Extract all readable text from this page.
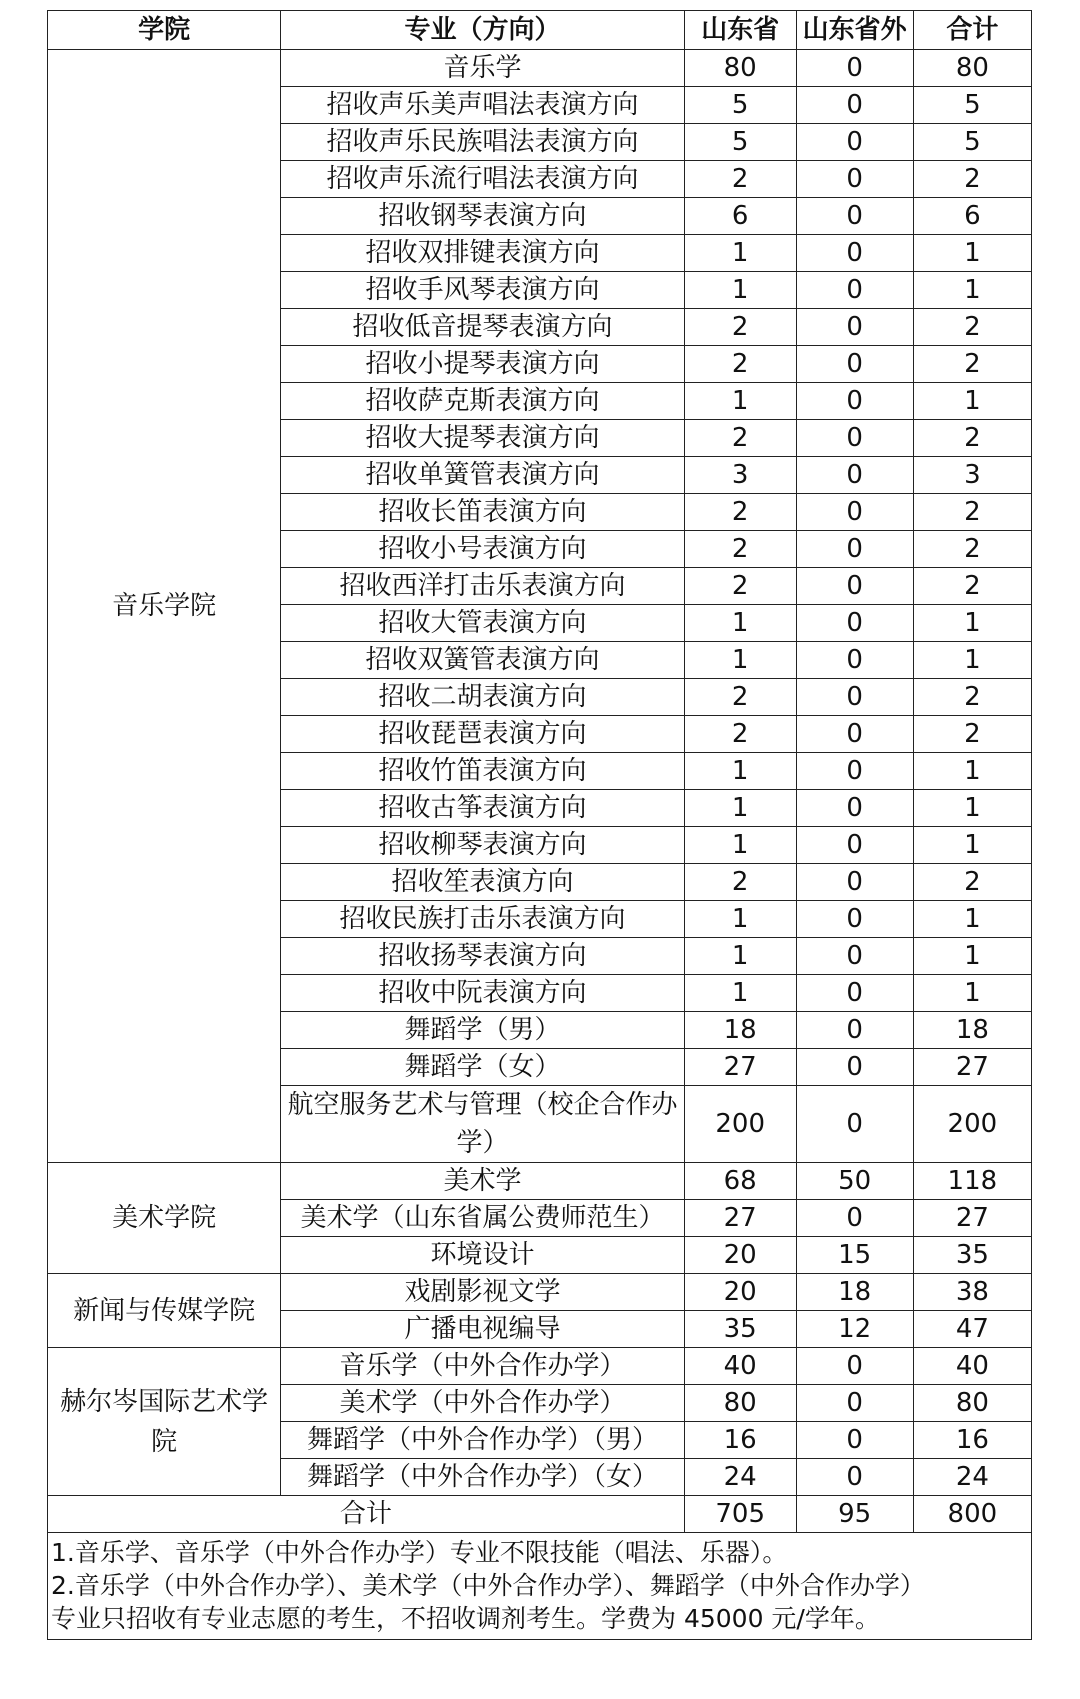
学院	专业（方向）	山东省	山东省外	合计
音乐学院	音乐学	80	0	80
	招收声乐美声唱法表演方向	5	0	5
	招收声乐民族唱法表演方向	5	0	5
	招收声乐流行唱法表演方向	2	0	2
	招收钢琴表演方向	6	0	6
	招收双排键表演方向	1	0	1
	招收手风琴表演方向	1	0	1
	招收低音提琴表演方向	2	0	2
	招收小提琴表演方向	2	0	2
	招收萨克斯表演方向	1	0	1
	招收大提琴表演方向	2	0	2
	招收单簧管表演方向	3	0	3
	招收长笛表演方向	2	0	2
	招收小号表演方向	2	0	2
	招收西洋打击乐表演方向	2	0	2
	招收大管表演方向	1	0	1
	招收双簧管表演方向	1	0	1
	招收二胡表演方向	2	0	2
	招收琵琶表演方向	2	0	2
	招收竹笛表演方向	1	0	1
	招收古筝表演方向	1	0	1
	招收柳琴表演方向	1	0	1
	招收笙表演方向	2	0	2
	招收民族打击乐表演方向	1	0	1
	招收扬琴表演方向	1	0	1
	招收中阮表演方向	1	0	1
	舞蹈学（男）	18	0	18
	舞蹈学（女）	27	0	27
	航空服务艺术与管理（校企合作办学）	200	0	200
美术学院	美术学	68	50	118
	美术学（山东省属公费师范生）	27	0	27
	环境设计	20	15	35
新闻与传媒学院	戏剧影视文学	20	18	38
	广播电视编导	35	12	47
赫尔岑国际艺术学院	音乐学（中外合作办学）	40	0	40
	美术学（中外合作办学）	80	0	80
	舞蹈学（中外合作办学）（男）	16	0	16
	舞蹈学（中外合作办学）（女）	24	0	24
合计		705	95	800

1.音乐学、音乐学（中外合作办学）专业不限技能（唱法、乐器）。
2.音乐学（中外合作办学）、美术学（中外合作办学）、舞蹈学（中外合作办学）
专业只招收有专业志愿的考生，不招收调剂考生。学费为 45000 元/学年。				
